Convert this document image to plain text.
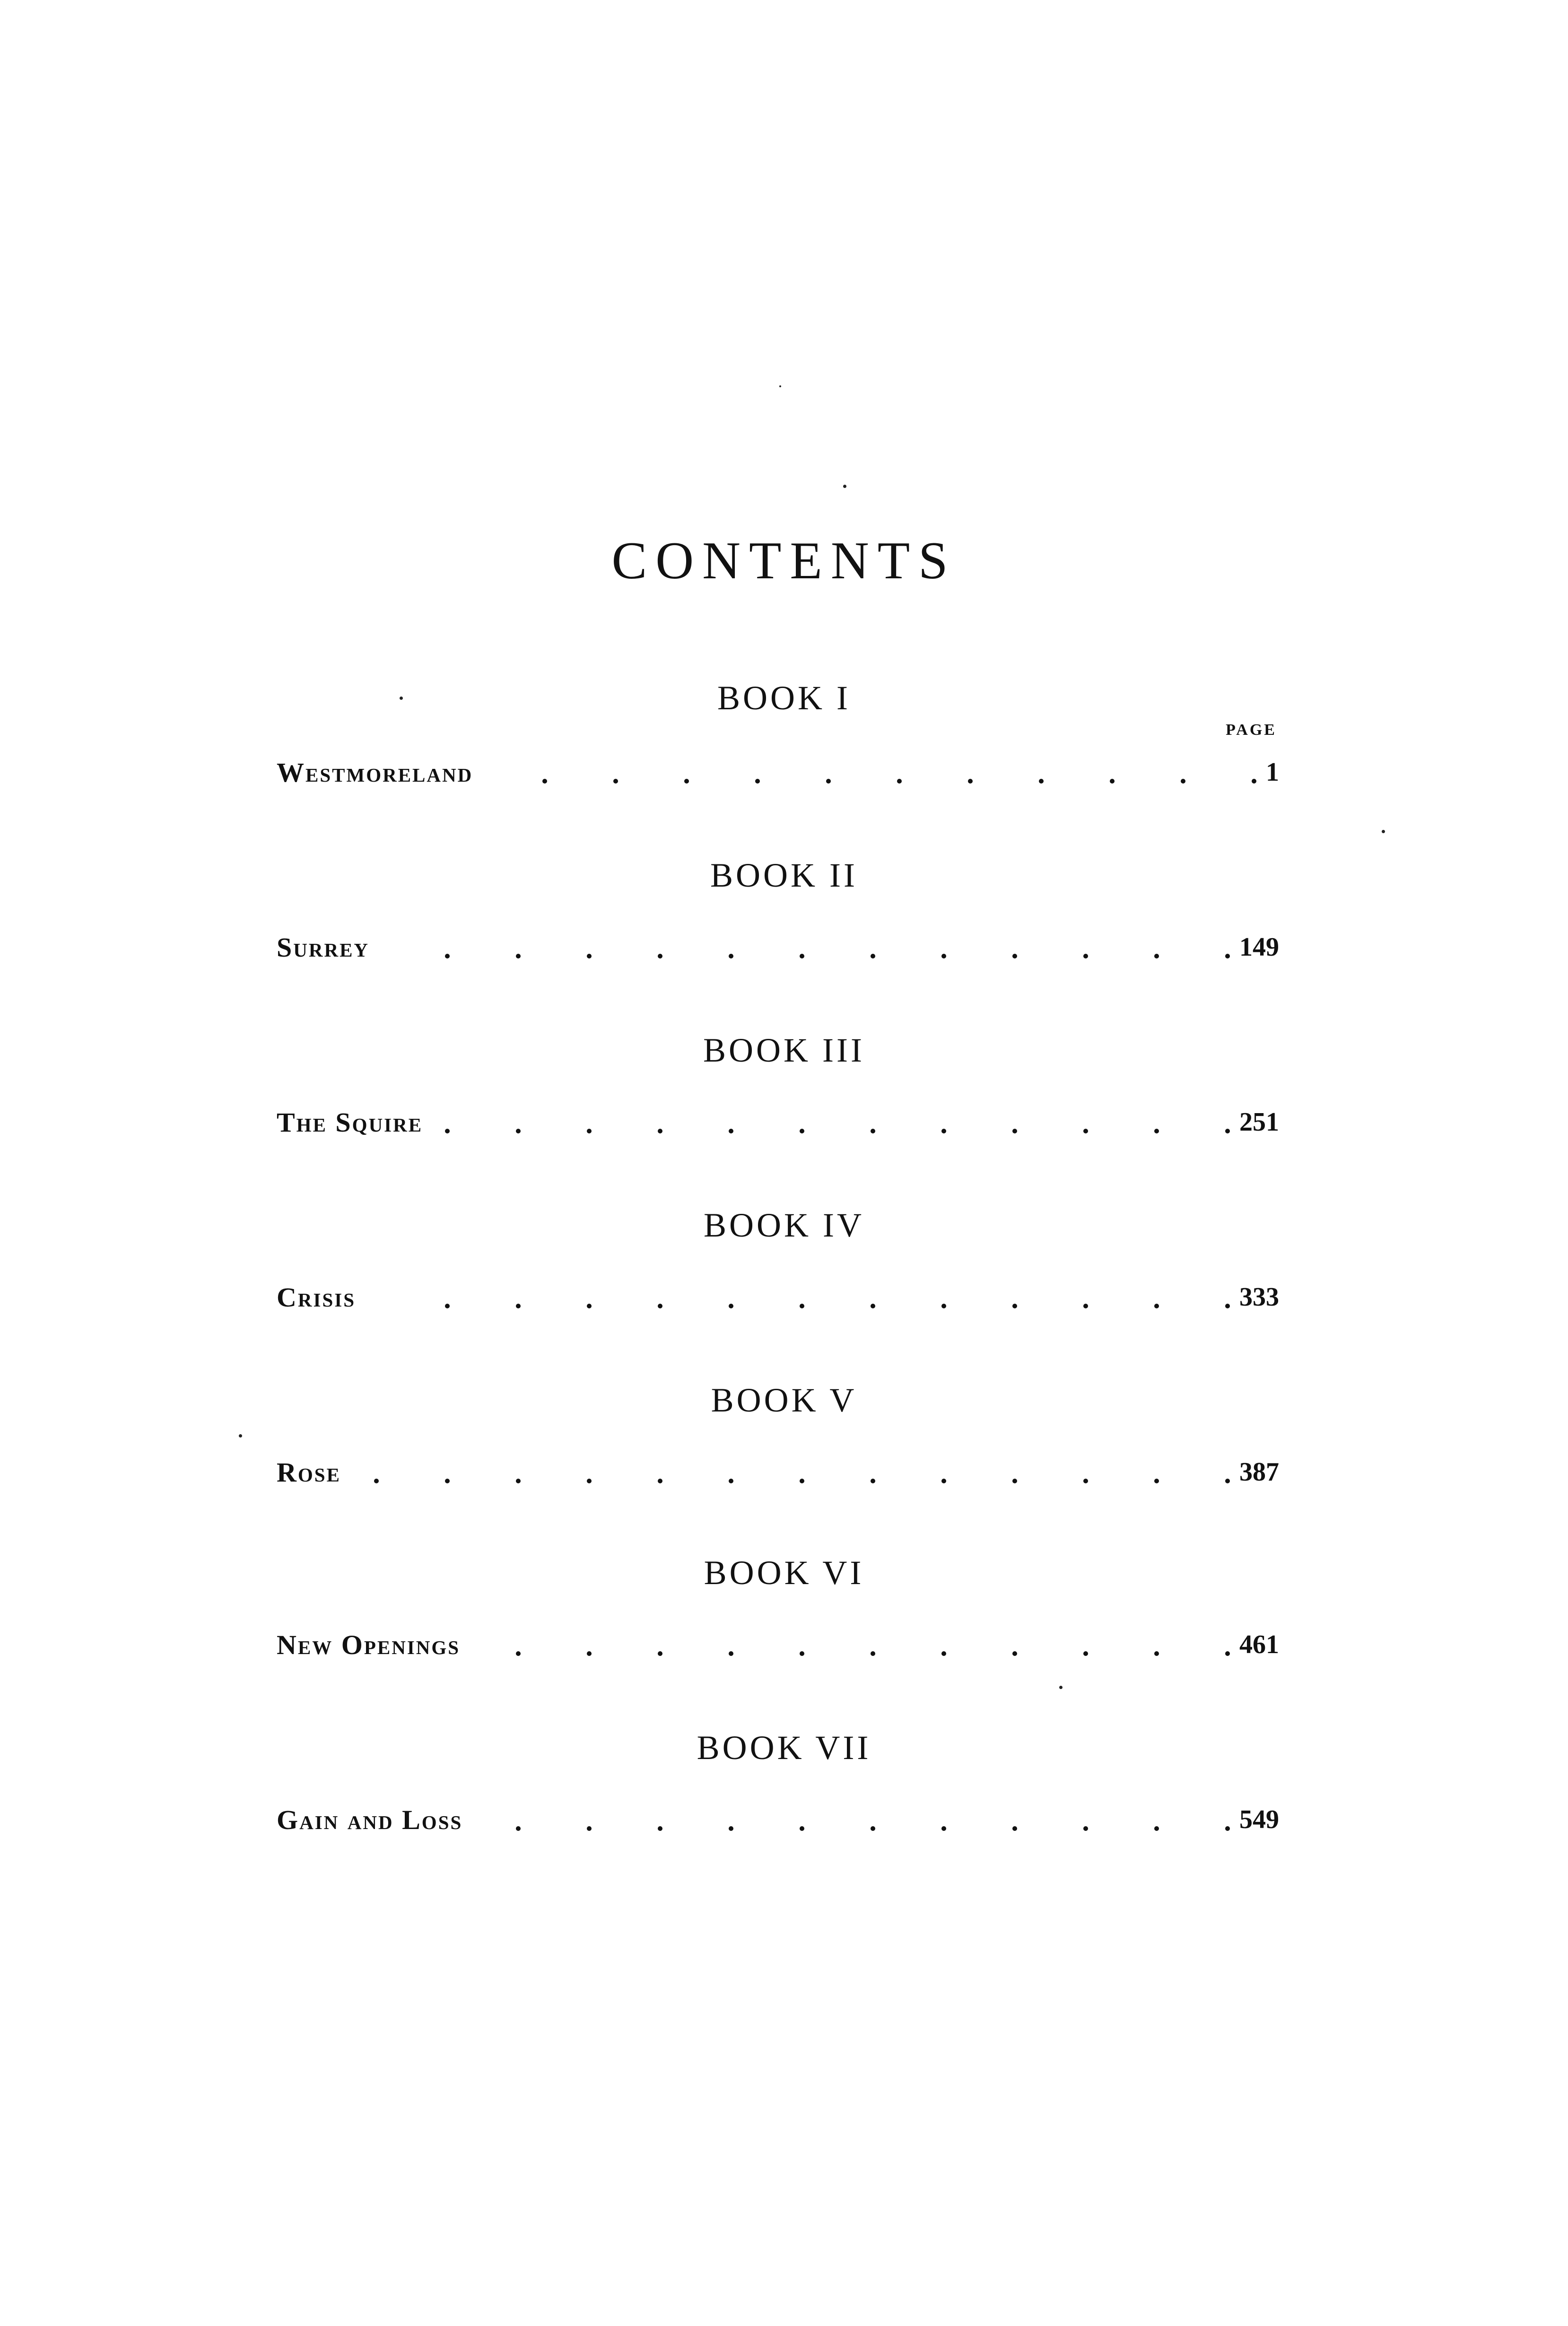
CONTENTS
PAGE
BOOK I
Westmoreland	1
BOOK II
Surrey	149
BOOK III
The Squire	251
BOOK IV
Crisis	333
BOOK V
Rose	387
BOOK VI
New Openings	461
BOOK VII
Gain and Loss	549
